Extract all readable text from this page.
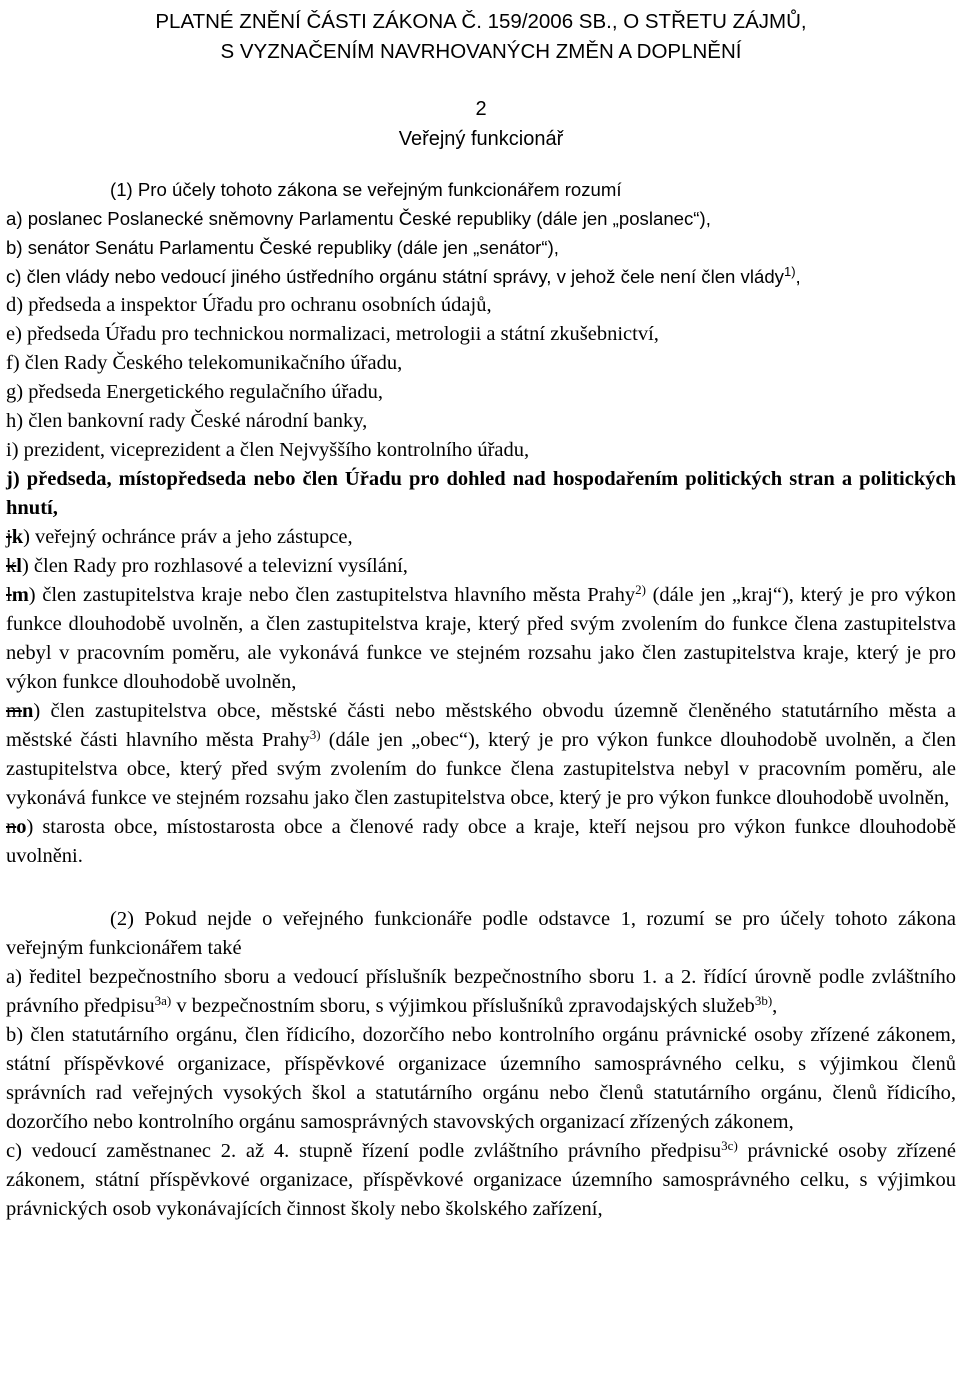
PLATNÉ ZNĚNÍ ČÁSTI ZÁKONA Č. 159/2006 SB., O STŘETU ZÁJMŮ,
S VYZNAČENÍM NAVRHOVANÝCH ZMĚN A DOPLNĚNÍ
2
Veřejný funkcionář
(1) Pro účely tohoto zákona se veřejným funkcionářem rozumí
a) poslanec Poslanecké sněmovny Parlamentu České republiky (dále jen „poslanec“),
b) senátor Senátu Parlamentu České republiky (dále jen „senátor“),
c) člen vlády nebo vedoucí jiného ústředního orgánu státní správy, v jehož čele není člen vlády$^{1)}$,
d) předseda a inspektor Úřadu pro ochranu osobních údajů,
e) předseda Úřadu pro technickou normalizaci, metrologii a státní zkušebnictví,
f) člen Rady Českého telekomunikačního úřadu,
g) předseda Energetického regulačního úřadu,
h) člen bankovní rady České národní banky,
i) prezident, viceprezident a člen Nejvyššího kontrolního úřadu,
j) předseda, místopředseda nebo člen Úřadu pro dohled nad hospodařením politických stran a politických hnutí,
jk) veřejný ochránce práv a jeho zástupce,
kl) člen Rady pro rozhlasové a televizní vysílání,
lm) člen zastupitelstva kraje nebo člen zastupitelstva hlavního města Prahy$^{2)}$ (dále jen „kraj“), který je pro výkon funkce dlouhodobě uvolněn, a člen zastupitelstva kraje, který před svým zvolením do funkce člena zastupitelstva nebyl v pracovním poměru, ale vykonává funkce ve stejném rozsahu jako člen zastupitelstva kraje, který je pro výkon funkce dlouhodobě uvolněn,
mn) člen zastupitelstva obce, městské části nebo městského obvodu územně členěného statutárního města a městské části hlavního města Prahy$^{3)}$ (dále jen „obec“), který je pro výkon funkce dlouhodobě uvolněn, a člen zastupitelstva obce, který před svým zvolením do funkce člena zastupitelstva nebyl v pracovním poměru, ale vykonává funkce ve stejném rozsahu jako člen zastupitelstva obce, který je pro výkon funkce dlouhodobě uvolněn,
no) starosta obce, místostarosta obce a členové rady obce a kraje, kteří nejsou pro výkon funkce dlouhodobě uvolněni.
(2) Pokud nejde o veřejného funkcionáře podle odstavce 1, rozumí se pro účely tohoto zákona veřejným funkcionářem také
a) ředitel bezpečnostního sboru a vedoucí příslušník bezpečnostního sboru 1. a 2. řídící úrovně podle zvláštního právního předpisu$^{3a)}$ v bezpečnostním sboru, s výjimkou příslušníků zpravodajských služeb$^{3b)}$,
b) člen statutárního orgánu, člen řídicího, dozorčího nebo kontrolního orgánu právnické osoby zřízené zákonem, státní příspěvkové organizace, příspěvkové organizace územního samosprávného celku, s výjimkou členů správních rad veřejných vysokých škol a statutárního orgánu nebo členů statutárního orgánu, členů řídicího, dozorčího nebo kontrolního orgánu samosprávných stavovských organizací zřízených zákonem,
c) vedoucí zaměstnanec 2. až 4. stupně řízení podle zvláštního právního předpisu$^{3c)}$ právnické osoby zřízené zákonem, státní příspěvkové organizace, příspěvkové organizace územního samosprávného celku, s výjimkou právnických osob vykonávajících činnost školy nebo školského zařízení,
